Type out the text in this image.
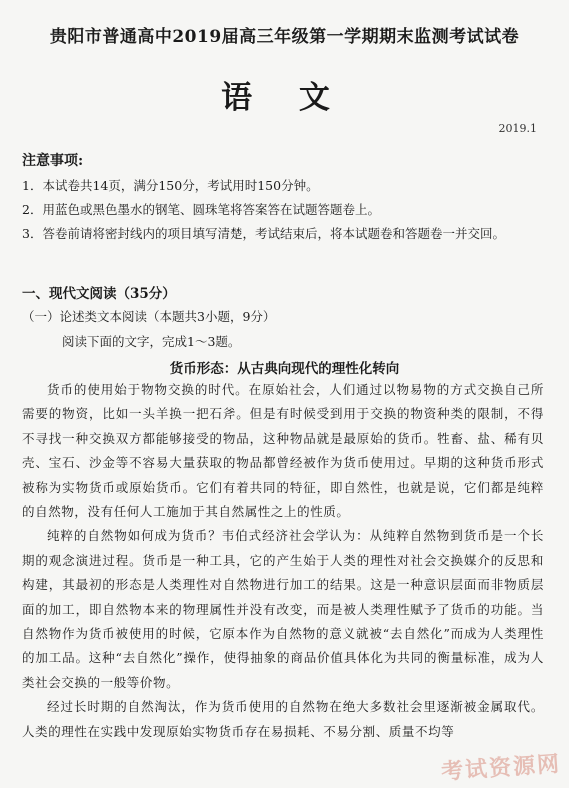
贵阳市普通高中2019届高三年级第一学期期末监测考试试卷
语 文
2019.1
注意事项:
1．本试卷共14页，满分150分，考试用时150分钟。
2．用蓝色或黑色墨水的钢笔、圆珠笔将答案答在试题答题卷上。
3．答卷前请将密封线内的项目填写清楚，考试结束后，将本试题卷和答题卷一并交回。
一、现代文阅读（35分）
（一）论述类文本阅读（本题共3小题，9分）
阅读下面的文字，完成1～3题。
货币形态：从古典向现代的理性化转向

货币的使用始于物物交换的时代。在原始社会，人们通过以物易物的方式交换自己所需要的物资，比如一头羊换一把石斧。但是有时候受到用于交换的物资种类的限制，不得不寻找一种交换双方都能够接受的物品，这种物品就是最原始的货币。牲畜、盐、稀有贝壳、宝石、沙金等不容易大量获取的物品都曾经被作为货币使用过。早期的这种货币形式被称为实物货币或原始货币。它们有着共同的特征，即自然性，也就是说，它们都是纯粹的自然物，没有任何人工施加于其自然属性之上的性质。

纯粹的自然物如何成为货币？韦伯式经济社会学认为：从纯粹自然物到货币是一个长期的观念演进过程。货币是一种工具，它的产生始于人类的理性对社会交换媒介的反思和构建，其最初的形态是人类理性对自然物进行加工的结果。这是一种意识层面而非物质层面的加工，即自然物本来的物理属性并没有改变，而是被人类理性赋予了货币的功能。当自然物作为货币被使用的时候，它原本作为自然物的意义就被“去自然化”而成为人类理性的加工品。这种“去自然化”操作，使得抽象的商品价值具体化为共同的衡量标准，成为人类社会交换的一般等价物。

经过长时期的自然淘汰，作为货币使用的自然物在绝大多数社会里逐渐被金属取代。人类的理性在实践中发现原始实物货币存在易损耗、不易分割、质量不均等

考试资源网
